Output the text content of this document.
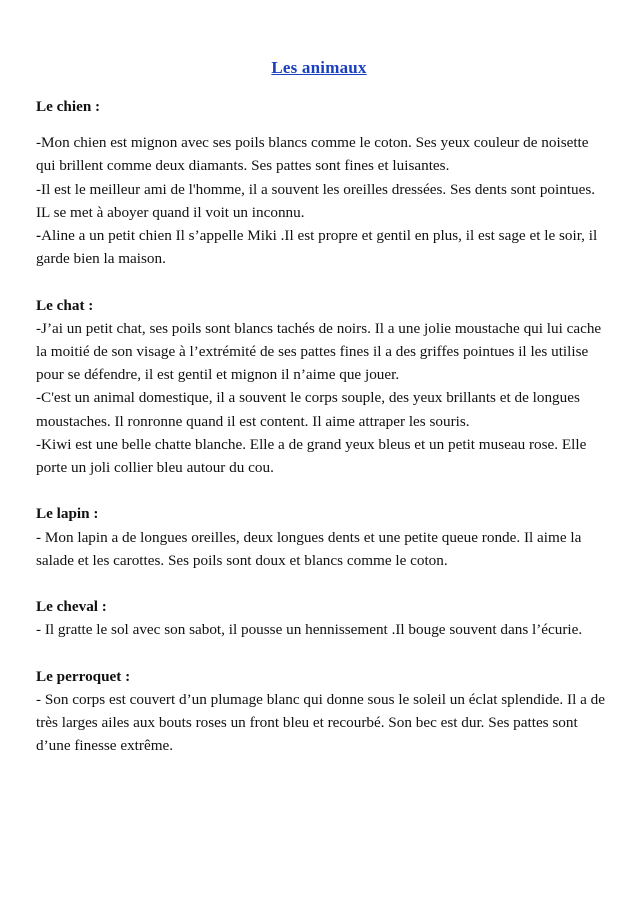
Les animaux

Le chien :

-Mon chien est mignon avec ses poils blancs comme le coton. Ses yeux couleur de noisette qui brillent comme deux diamants. Ses pattes sont fines et luisantes.

-Il est le meilleur ami de l'homme, il a souvent les oreilles dressées. Ses dents sont pointues. IL se met à aboyer quand il voit un inconnu.

-Aline a un petit chien Il s’appelle Miki .Il est propre et gentil en plus, il est sage et le soir, il garde bien la maison.

Le chat :

-J’ai un petit chat, ses poils sont blancs tachés de noirs. Il a une jolie moustache qui lui cache la moitié de son visage à l’extrémité de ses pattes fines il a des griffes pointues il les utilise pour se défendre, il est gentil et mignon il n’aime que jouer.

-C'est un animal domestique, il a souvent le corps souple, des yeux brillants et de longues moustaches. Il ronronne quand il est content. Il aime attraper les souris.

-Kiwi est une belle chatte blanche. Elle a de grand yeux bleus et un petit museau rose. Elle porte un joli collier bleu autour du cou.

Le lapin :

- Mon lapin a de longues oreilles, deux longues dents et une petite queue ronde. Il aime la salade et les carottes. Ses poils sont doux et blancs comme le coton.

Le cheval :

- Il gratte le sol avec son sabot, il pousse un hennissement .Il bouge souvent dans l’écurie.

Le perroquet :

- Son corps est couvert d’un plumage blanc qui donne sous le soleil un éclat splendide. Il a de très larges ailes aux bouts roses un front bleu et recourbé. Son bec est dur. Ses pattes sont d’une finesse extrême.
